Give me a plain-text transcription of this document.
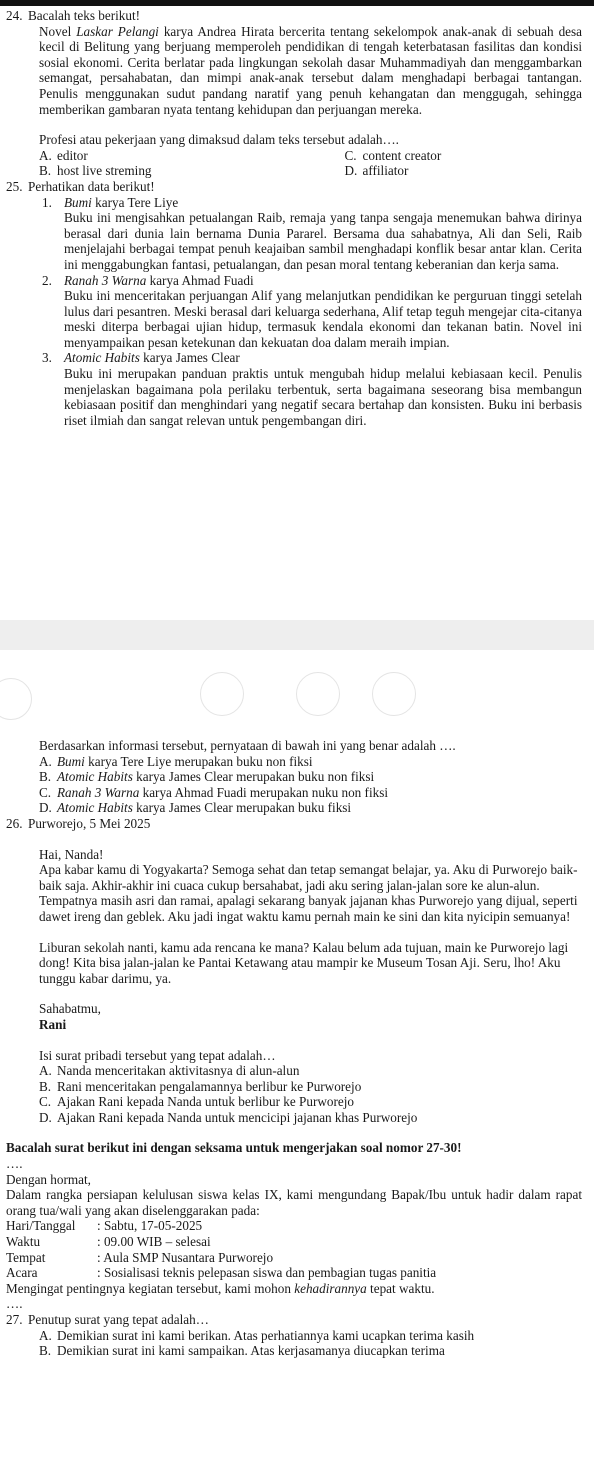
24. Bacalah teks berikut!

Novel Laskar Pelangi karya Andrea Hirata bercerita tentang sekelompok anak-anak di sebuah desa kecil di Belitung yang berjuang memperoleh pendidikan di tengah keterbatasan fasilitas dan kondisi sosial ekonomi. Cerita berlatar pada lingkungan sekolah dasar Muhammadiyah dan menggambarkan semangat, persahabatan, dan mimpi anak-anak tersebut dalam menghadapi berbagai tantangan. Penulis menggunakan sudut pandang naratif yang penuh kehangatan dan menggugah, sehingga memberikan gambaran nyata tentang kehidupan dan perjuangan mereka.

Profesi atau pekerjaan yang dimaksud dalam teks tersebut adalah….

A. editor	C. content creator
B. host live streming	D. affiliator
25. Perhatikan data berikut!

1. Bumi karya Tere Liye

Buku ini mengisahkan petualangan Raib, remaja yang tanpa sengaja menemukan bahwa dirinya berasal dari dunia lain bernama Dunia Pararel. Bersama dua sahabatnya, Ali dan Seli, Raib menjelajahi berbagai tempat penuh keajaiban sambil menghadapi konflik besar antar klan. Cerita ini menggabungkan fantasi, petualangan, dan pesan moral tentang keberanian dan kerja sama.

2. Ranah 3 Warna karya Ahmad Fuadi

Buku ini menceritakan perjuangan Alif yang melanjutkan pendidikan ke perguruan tinggi setelah lulus dari pesantren. Meski berasal dari keluarga sederhana, Alif tetap teguh mengejar cita-citanya meski diterpa berbagai ujian hidup, termasuk kendala ekonomi dan tekanan batin. Novel ini menyampaikan pesan ketekunan dan kekuatan doa dalam meraih impian.

3. Atomic Habits karya James Clear

Buku ini merupakan panduan praktis untuk mengubah hidup melalui kebiasaan kecil. Penulis menjelaskan bagaimana pola perilaku terbentuk, serta bagaimana seseorang bisa membangun kebiasaan positif dan menghindari yang negatif secara bertahap dan konsisten. Buku ini berbasis riset ilmiah dan sangat relevan untuk pengembangan diri.

Berdasarkan informasi tersebut, pernyataan di bawah ini yang benar adalah ….

A. Bumi karya Tere Liye merupakan buku non fiksi
B. Atomic Habits karya James Clear merupakan buku non fiksi
C. Ranah 3 Warna karya Ahmad Fuadi merupakan nuku non fiksi
D. Atomic Habits karya James Clear merupakan buku fiksi
26. Purworejo, 5 Mei 2025

Hai, Nanda!

Apa kabar kamu di Yogyakarta? Semoga sehat dan tetap semangat belajar, ya. Aku di Purworejo baik-baik saja. Akhir-akhir ini cuaca cukup bersahabat, jadi aku sering jalan-jalan sore ke alun-alun. Tempatnya masih asri dan ramai, apalagi sekarang banyak jajanan khas Purworejo yang dijual, seperti dawet ireng dan geblek. Aku jadi ingat waktu kamu pernah main ke sini dan kita nyicipin semuanya!

Liburan sekolah nanti, kamu ada rencana ke mana? Kalau belum ada tujuan, main ke Purworejo lagi dong! Kita bisa jalan-jalan ke Pantai Ketawang atau mampir ke Museum Tosan Aji. Seru, lho! Aku tunggu kabar darimu, ya.

Sahabatmu,

Rani

Isi surat pribadi tersebut yang tepat adalah…

A. Nanda menceritakan aktivitasnya di alun-alun
B. Rani menceritakan pengalamannya berlibur ke Purworejo
C. Ajakan Rani kepada Nanda untuk berlibur ke Purworejo
D. Ajakan Rani kepada Nanda untuk mencicipi jajanan khas Purworejo

Bacalah surat berikut ini dengan seksama untuk mengerjakan soal nomor 27-30!

….

Dengan hormat,

Dalam rangka persiapan kelulusan siswa kelas IX, kami mengundang Bapak/Ibu untuk hadir dalam rapat orang tua/wali yang akan diselenggarakan pada:

Hari/Tanggal	: Sabtu, 17-05-2025
Waktu	: 09.00 WIB – selesai
Tempat	: Aula SMP Nusantara Purworejo
Acara	: Sosialisasi teknis pelepasan siswa dan pembagian tugas panitia

Mengingat pentingnya kegiatan tersebut, kami mohon kehadirannya tepat waktu.

….

27. Penutup surat yang tepat adalah…

A. Demikian surat ini kami berikan. Atas perhatiannya kami ucapkan terima kasih
B. Demikian surat ini kami sampaikan. Atas kerjasamanya diucapkan terima
